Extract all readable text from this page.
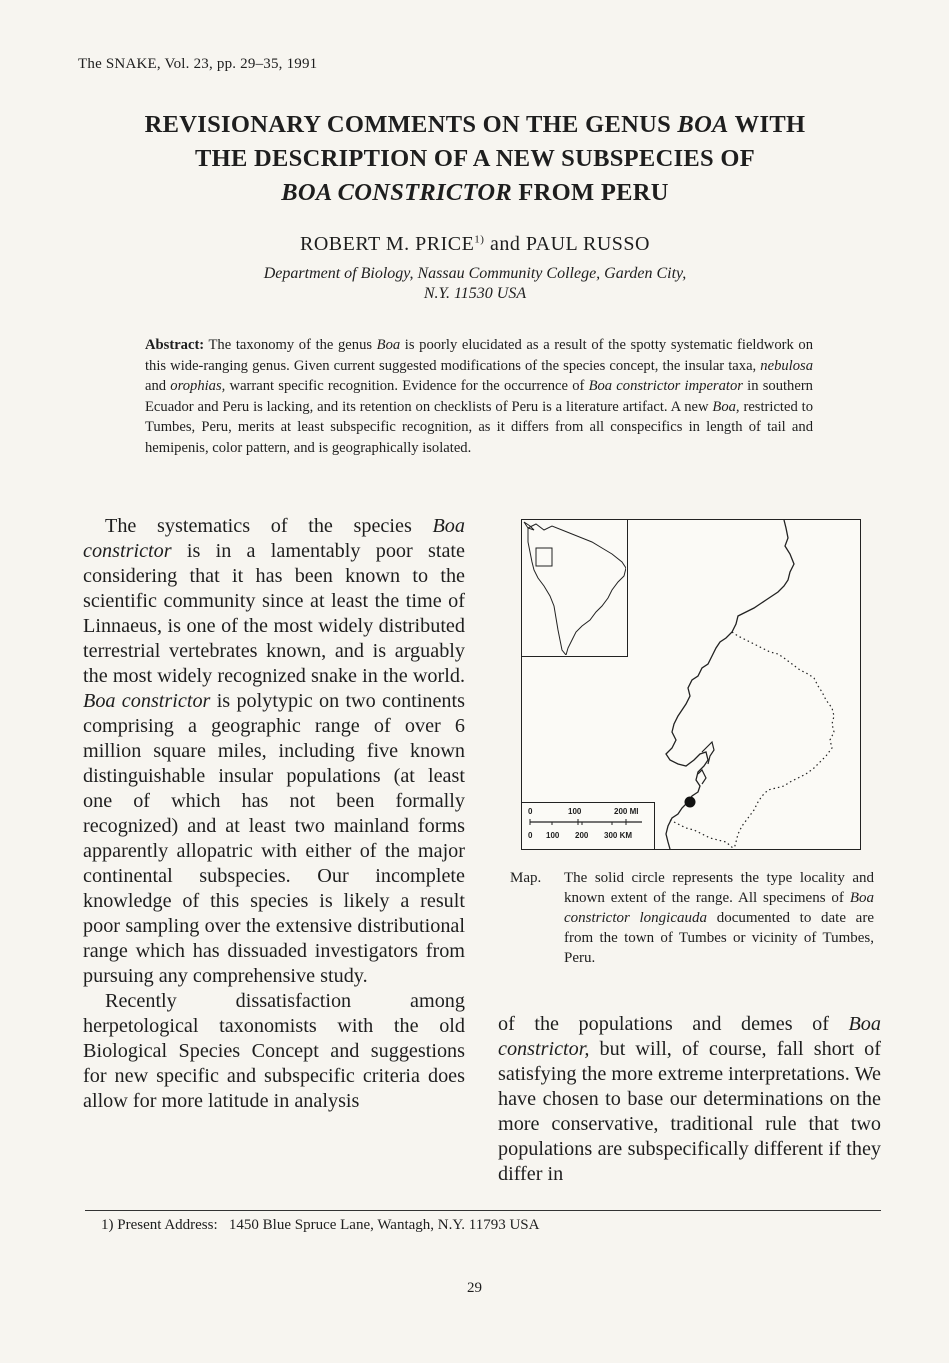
The SNAKE, Vol. 23, pp. 29–35, 1991
REVISIONARY COMMENTS ON THE GENUS BOA WITH
THE DESCRIPTION OF A NEW SUBSPECIES OF
BOA CONSTRICTOR FROM PERU
ROBERT M. PRICE$^{1)}$ and PAUL RUSSO
Department of Biology, Nassau Community College, Garden City,
N.Y. 11530 USA
Abstract: The taxonomy of the genus Boa is poorly elucidated as a result of the spotty systematic fieldwork on this wide-ranging genus. Given current suggested modifications of the species concept, the insular taxa, nebulosa and orophias, warrant specific recognition. Evidence for the occurrence of Boa constrictor imperator in southern Ecuador and Peru is lacking, and its retention on checklists of Peru is a literature artifact. A new Boa, restricted to Tumbes, Peru, merits at least subspecific recognition, as it differs from all conspecifics in length of tail and hemipenis, color pattern, and is geographically isolated.

The systematics of the species Boa constrictor is in a lamentably poor state considering that it has been known to the scientific community since at least the time of Linnaeus, is one of the most widely distributed terrestrial vertebrates known, and is arguably the most widely recognized snake in the world. Boa constrictor is polytypic on two continents comprising a geographic range of over 6 million square miles, including five known distinguishable insular populations (at least one of which has not been formally recognized) and at least two mainland forms apparently allopatric with either of the major continental subspecies. Our incomplete knowledge of this species is likely a result poor sampling over the extensive distributional range which has dissuaded investigators from pursuing any comprehensive study.

Recently dissatisfaction among herpetological taxonomists with the old Biological Species Concept and suggestions for new specific and subspecific criteria does allow for more latitude in analysis

0	100	200 MI
0 100 200 300 KM
Map. The solid circle represents the type locality and known extent of the range. All specimens of Boa constrictor longicauda documented to date are from the town of Tumbes or vicinity of Tumbes, Peru.
of the populations and demes of Boa constrictor, but will, of course, fall short of satisfying the more extreme interpretations. We have chosen to base our determinations on the more conservative, traditional rule that two populations are subspecifically different if they differ in
1) Present Address:   1450 Blue Spruce Lane, Wantagh, N.Y. 11793 USA
29
